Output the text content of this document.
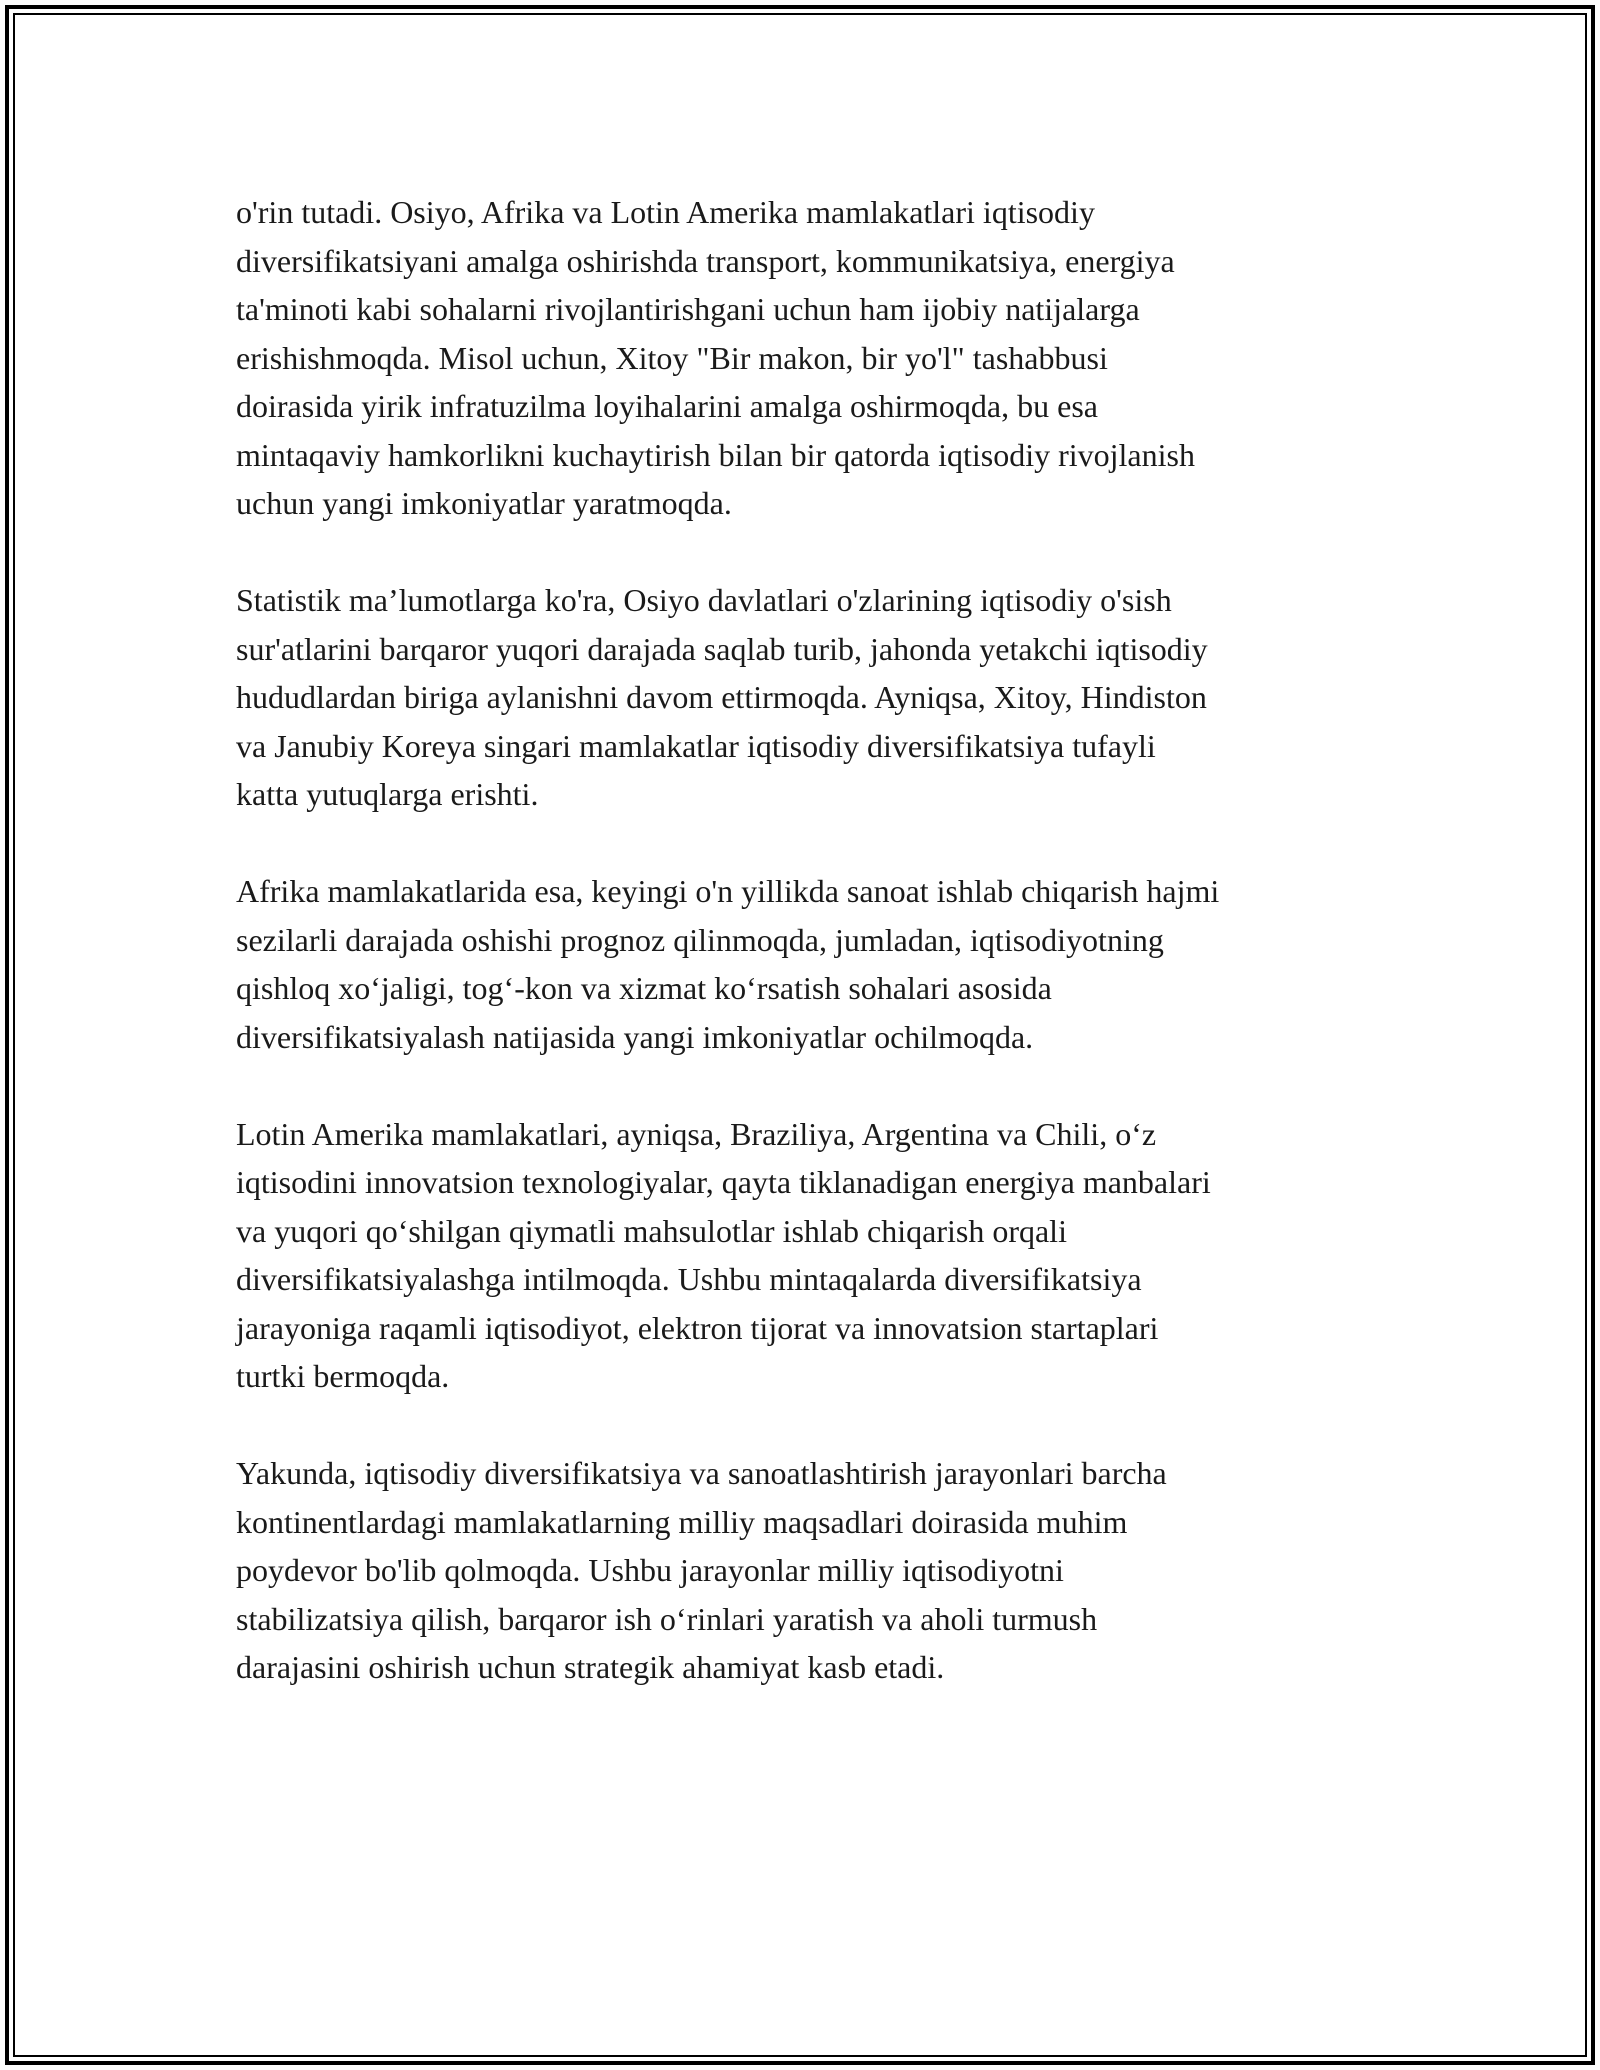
o'rin tutadi. Osiyo, Afrika va Lotin Amerika mamlakatlari iqtisodiy
diversifikatsiyani amalga oshirishda transport, kommunikatsiya, energiya
ta'minoti kabi sohalarni rivojlantirishgani uchun ham ijobiy natijalarga
erishishmoqda. Misol uchun, Xitoy "Bir makon, bir yo'l" tashabbusi
doirasida yirik infratuzilma loyihalarini amalga oshirmoqda, bu esa
mintaqaviy hamkorlikni kuchaytirish bilan bir qatorda iqtisodiy rivojlanish
uchun yangi imkoniyatlar yaratmoqda.

Statistik ma’lumotlarga ko'ra, Osiyo davlatlari o'zlarining iqtisodiy o'sish
sur'atlarini barqaror yuqori darajada saqlab turib, jahonda yetakchi iqtisodiy
hududlardan biriga aylanishni davom ettirmoqda. Ayniqsa, Xitoy, Hindiston
va Janubiy Koreya singari mamlakatlar iqtisodiy diversifikatsiya tufayli
katta yutuqlarga erishti.

Afrika mamlakatlarida esa, keyingi o'n yillikda sanoat ishlab chiqarish hajmi
sezilarli darajada oshishi prognoz qilinmoqda, jumladan, iqtisodiyotning
qishloq xo‘jaligi, tog‘-kon va xizmat ko‘rsatish sohalari asosida
diversifikatsiyalash natijasida yangi imkoniyatlar ochilmoqda.

Lotin Amerika mamlakatlari, ayniqsa, Braziliya, Argentina va Chili, o‘z
iqtisodini innovatsion texnologiyalar, qayta tiklanadigan energiya manbalari
va yuqori qo‘shilgan qiymatli mahsulotlar ishlab chiqarish orqali
diversifikatsiyalashga intilmoqda. Ushbu mintaqalarda diversifikatsiya
jarayoniga raqamli iqtisodiyot, elektron tijorat va innovatsion startaplari
turtki bermoqda.

Yakunda, iqtisodiy diversifikatsiya va sanoatlashtirish jarayonlari barcha
kontinentlardagi mamlakatlarning milliy maqsadlari doirasida muhim
poydevor bo'lib qolmoqda. Ushbu jarayonlar milliy iqtisodiyotni
stabilizatsiya qilish, barqaror ish o‘rinlari yaratish va aholi turmush
darajasini oshirish uchun strategik ahamiyat kasb etadi.
